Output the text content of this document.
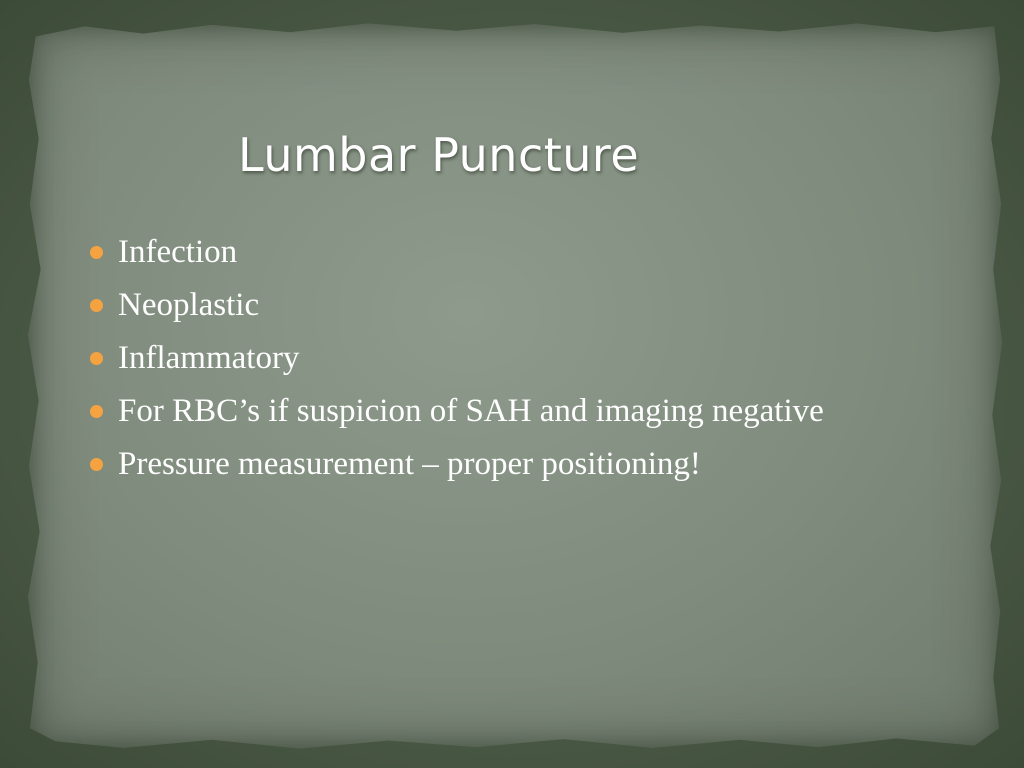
Lumbar Puncture
Infection
Neoplastic
Inflammatory
For RBC’s if suspicion of SAH and imaging negative
Pressure measurement – proper positioning!
